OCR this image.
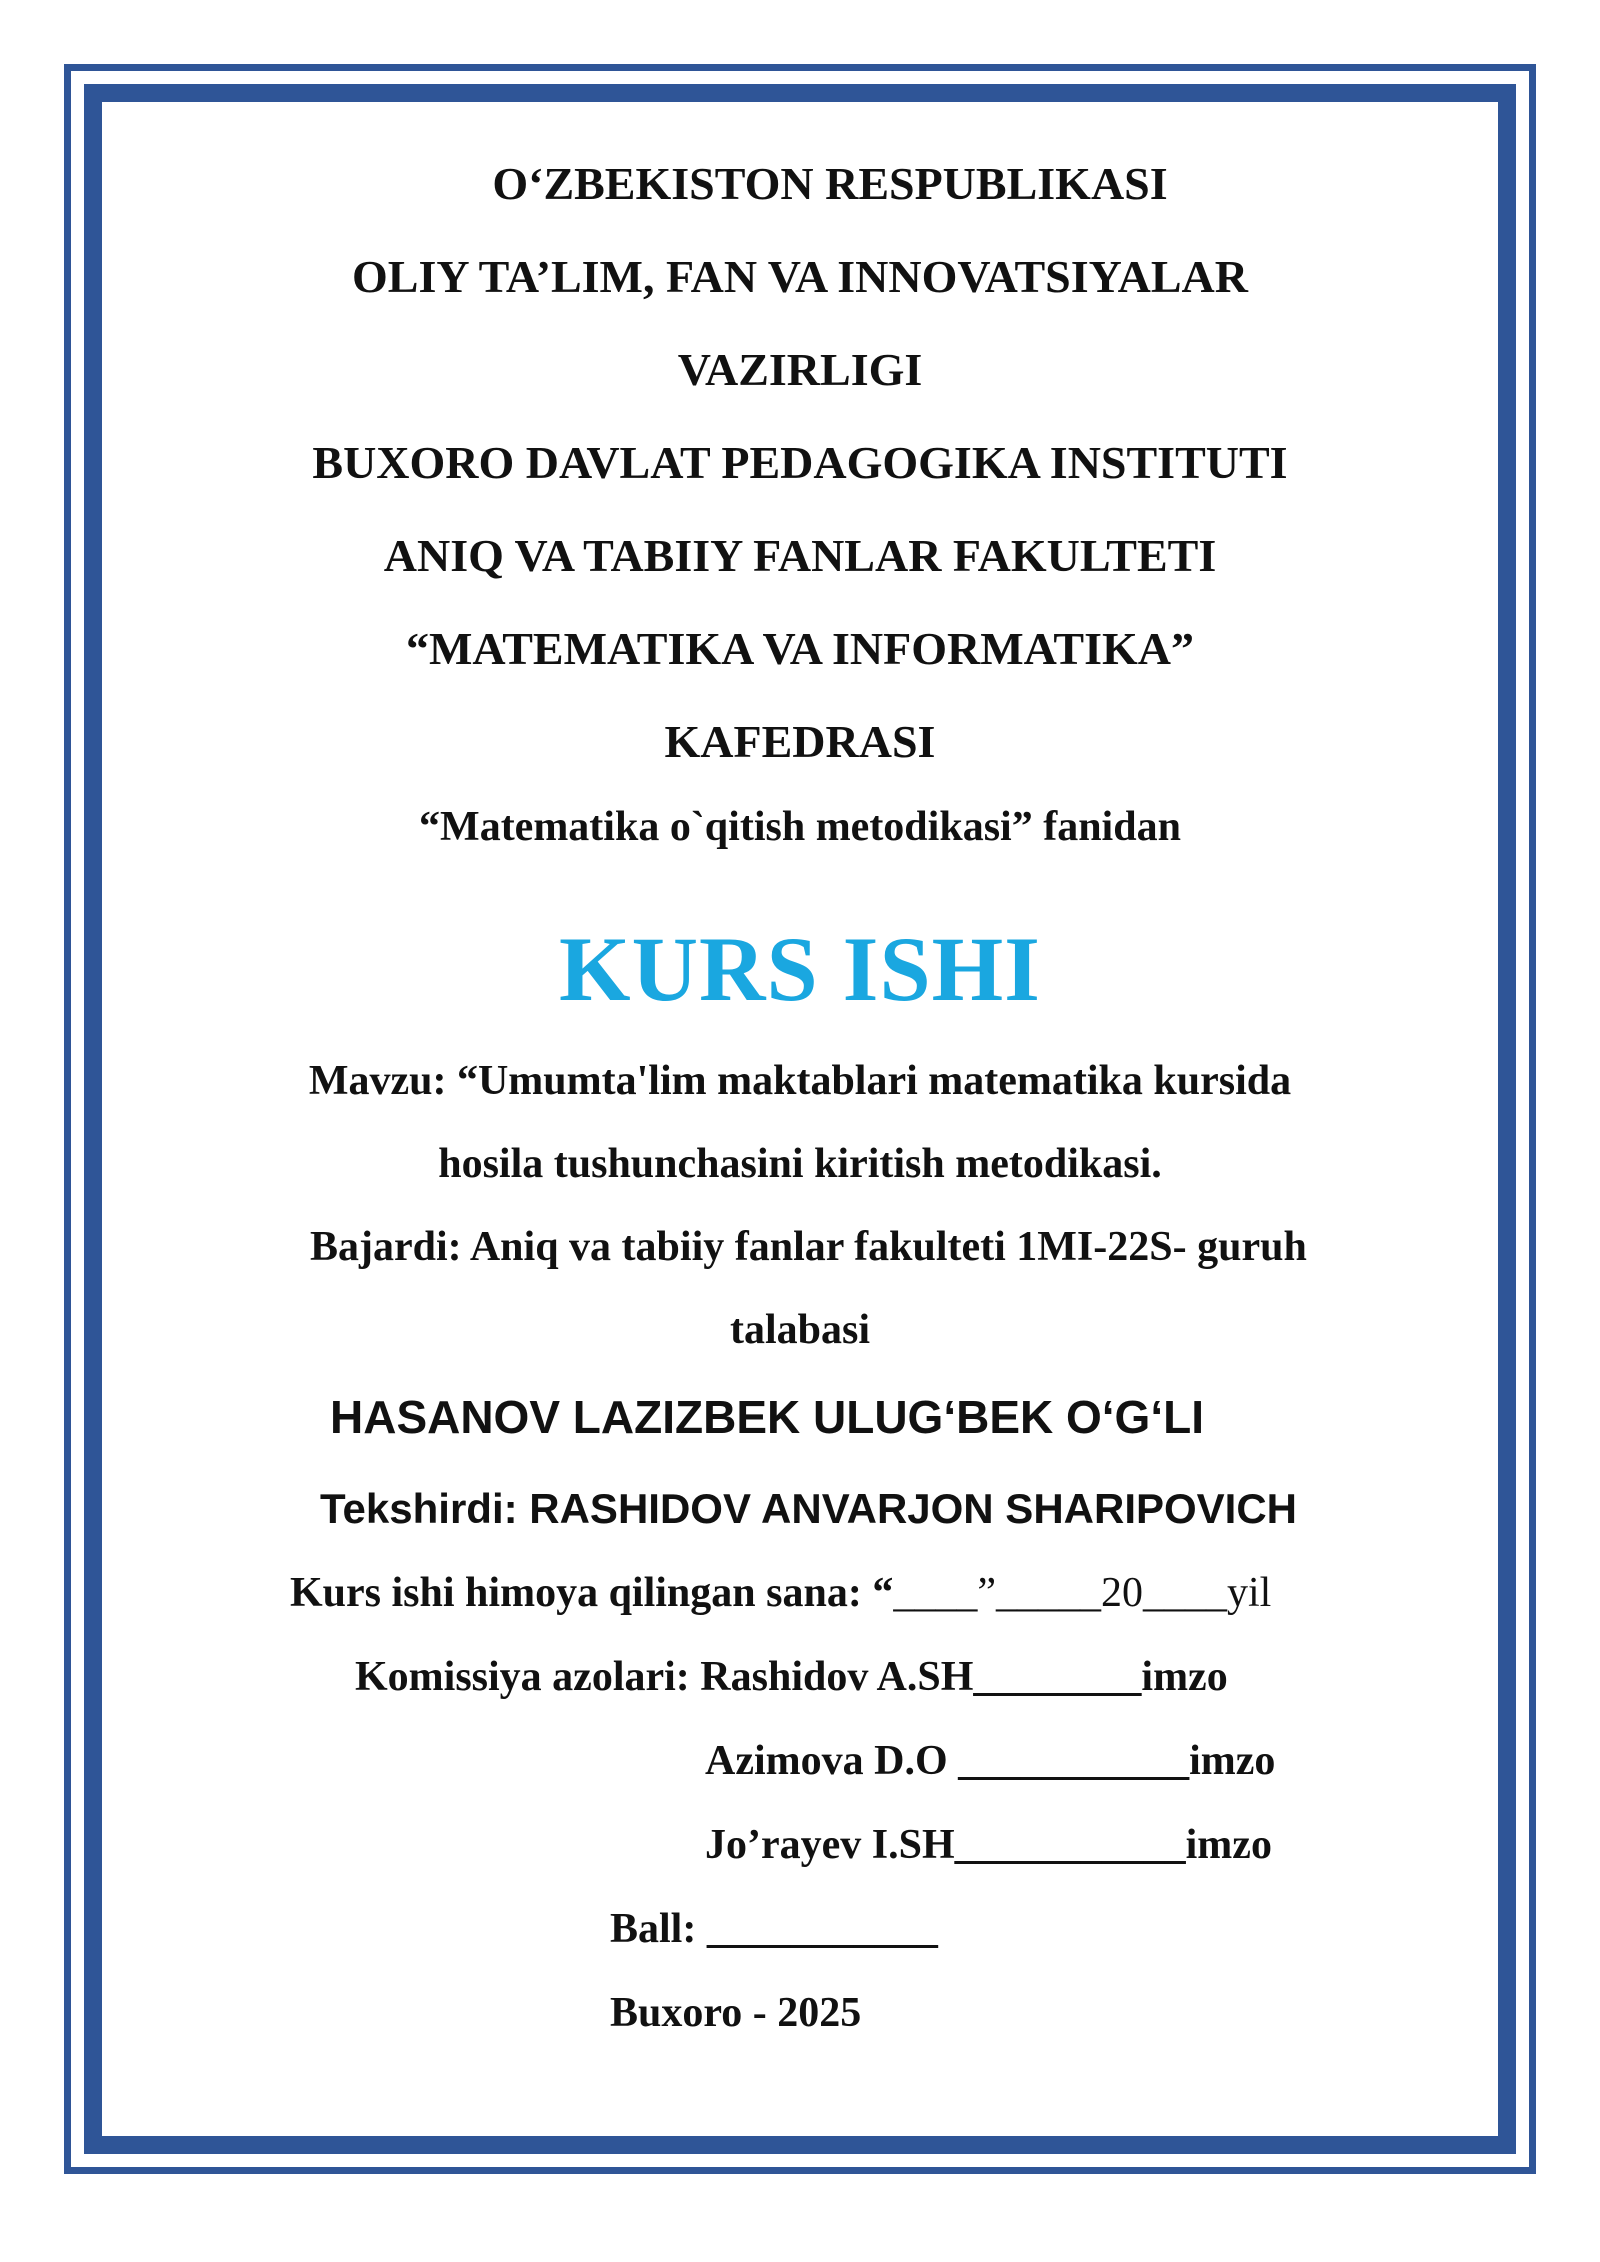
O‘ZBEKISTON RESPUBLIKASI
OLIY TA’LIM, FAN VA INNOVATSIYALAR
VAZIRLIGI
BUXORO DAVLAT PEDAGOGIKA INSTITUTI
ANIQ VA TABIIY FANLAR FAKULTETI
“MATEMATIKA VA INFORMATIKA”
KAFEDRASI
“Matematika o`qitish metodikasi” fanidan
KURS ISHI
Mavzu: “Umumta'lim maktablari matematika kursida
hosila tushunchasini kiritish metodikasi.
Bajardi: Aniq va tabiiy fanlar fakulteti 1MI-22S- guruh
talabasi
HASANOV LAZIZBEK ULUG‘BEK O‘G‘LI
Tekshirdi: RASHIDOV ANVARJON SHARIPOVICH
Kurs ishi himoya qilingan sana: “____”_____20____yil
Komissiya azolari: Rashidov A.SH________imzo
Azimova D.O ___________imzo
Jo’rayev I.SH___________imzo
Ball: ___________
Buxoro - 2025
